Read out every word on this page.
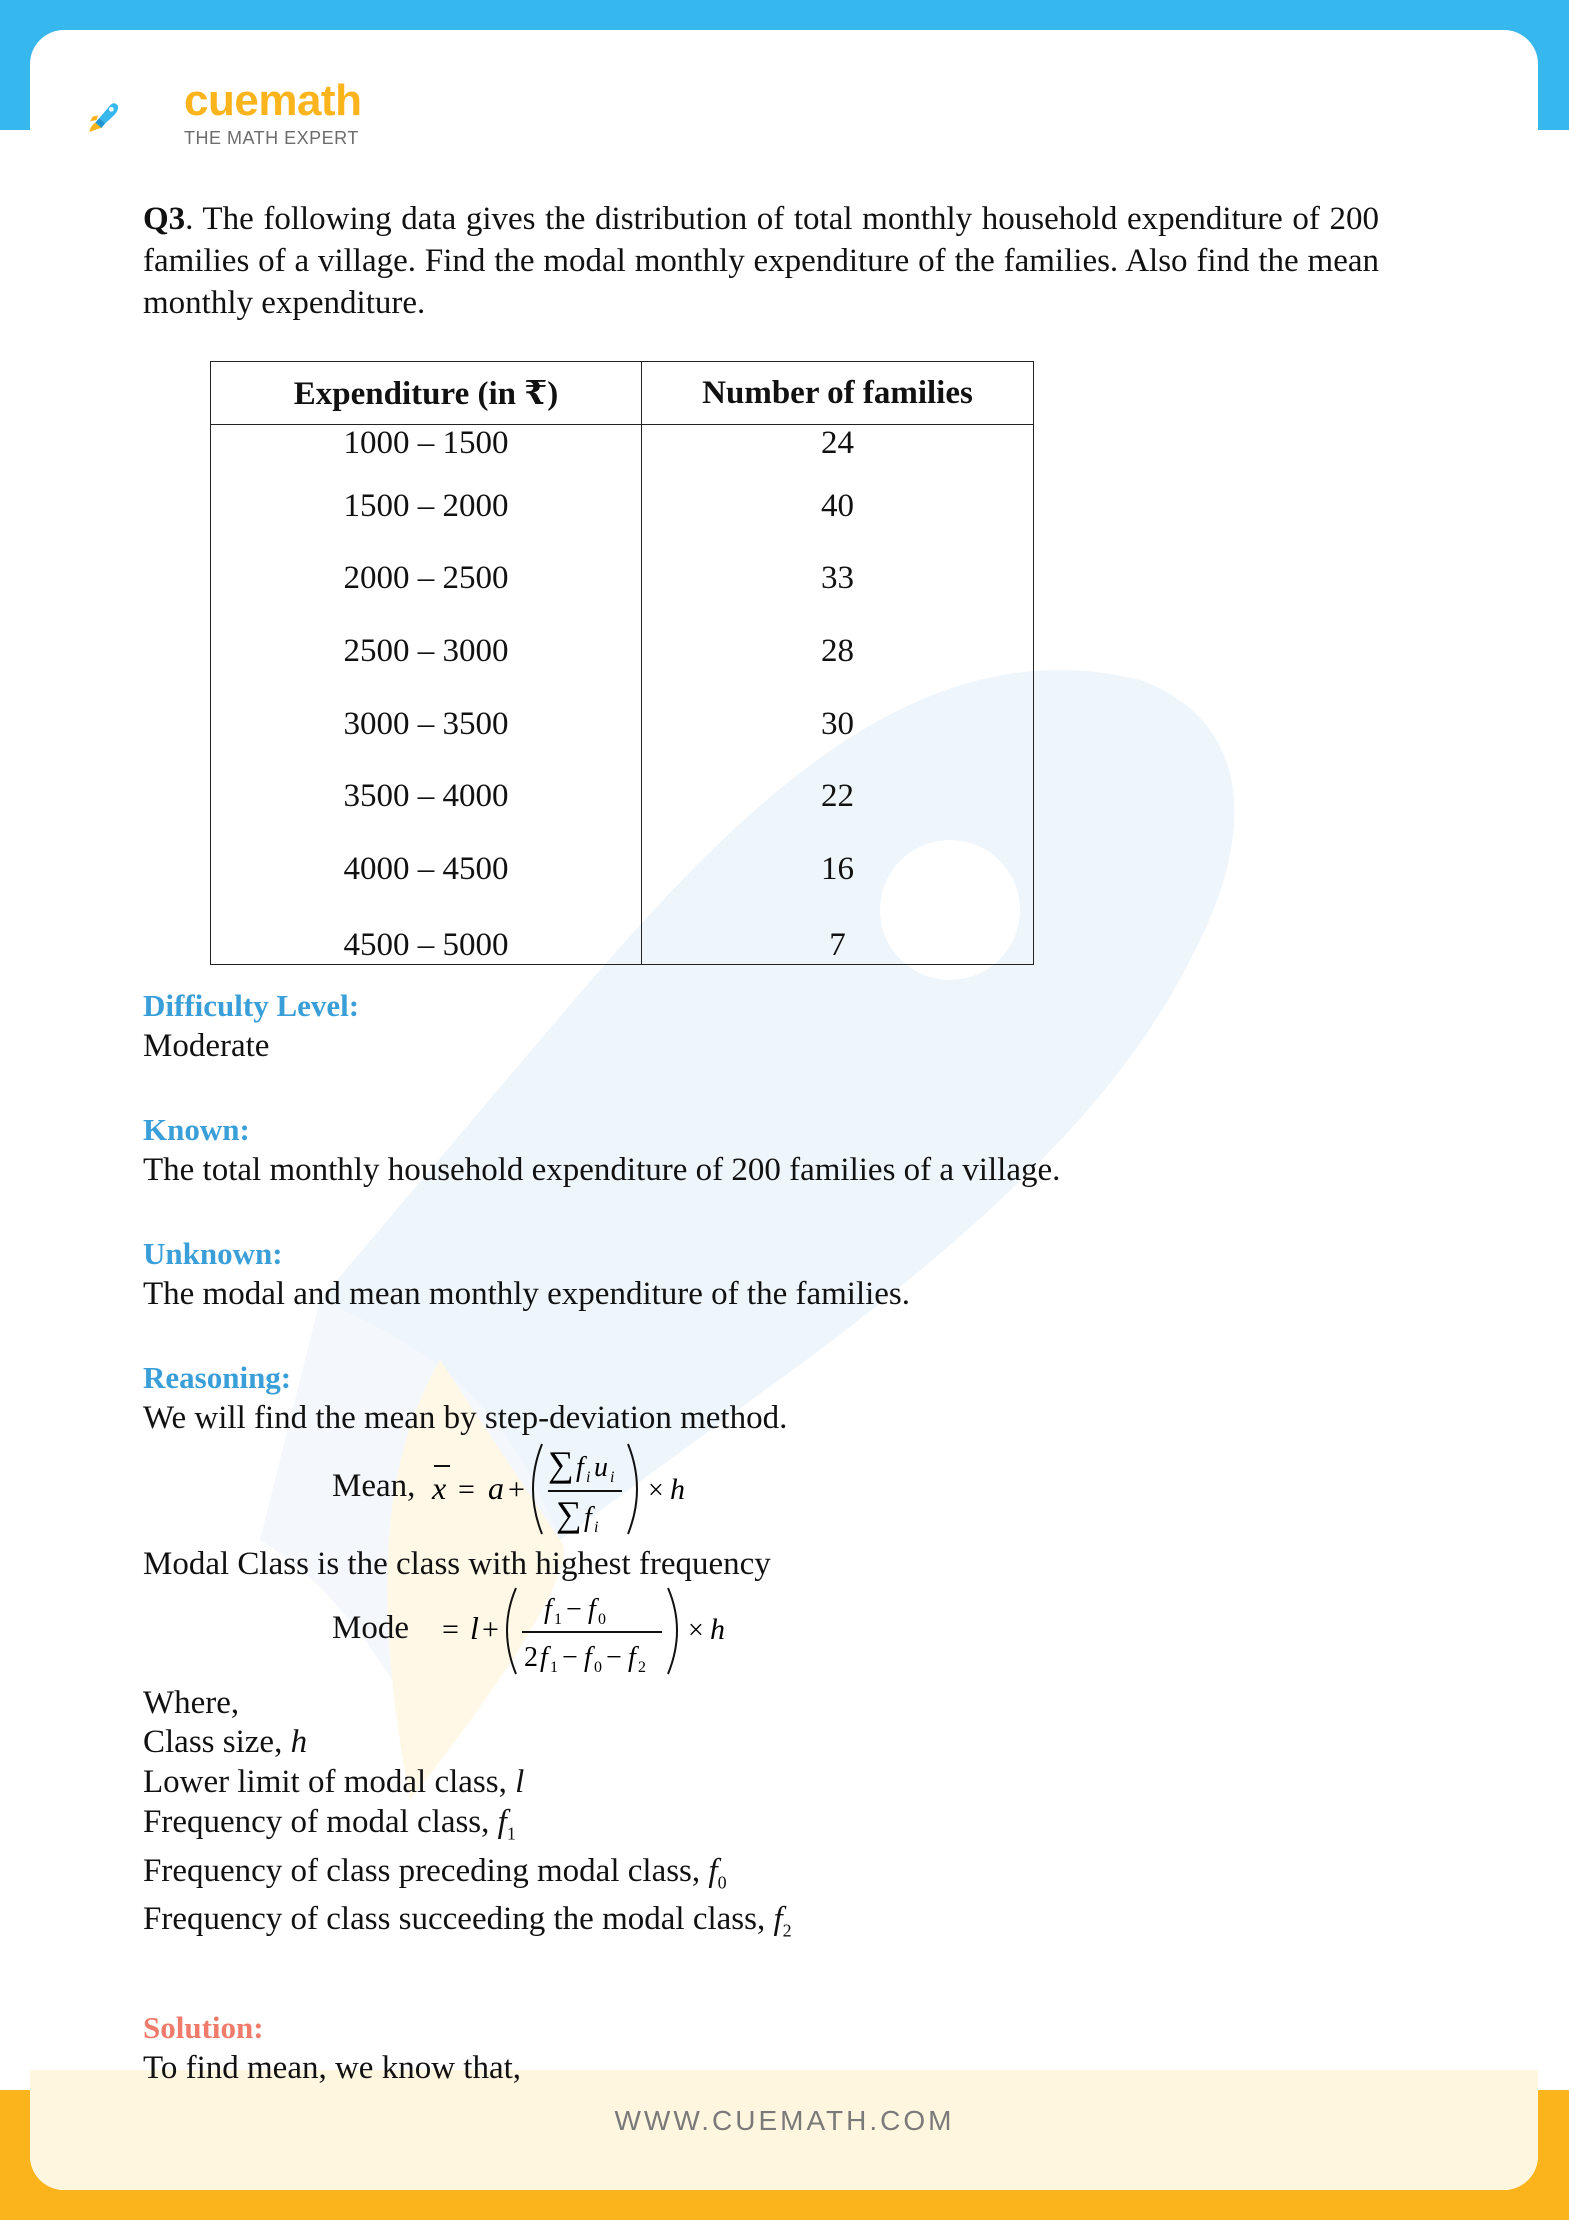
cuemath
THE MATH EXPERT
Q3. The following data gives the distribution of total monthly household expenditure of 200 families of a village. Find the modal monthly expenditure of the families. Also find the mean monthly expenditure.
Expenditure (in ₹)	Number of families
1000 – 1500	24
1500 – 2000	40
2000 – 2500	33
2500 – 3000	28
3000 – 3500	30
3500 – 4000	22
4000 – 4500	16
4500 – 5000	7
Difficulty Level:
Moderate
Known:
The total monthly household expenditure of 200 families of a village.
Unknown:
The modal and mean monthly expenditure of the families.
Reasoning:
We will find the mean by step-deviation method.
Mean, x = a +
∑ f i u i
∑ f i
× h
Modal Class is the class with highest frequency
Mode = l +
f 1 − f 0
2 f 1 − f 0 − f 2
× h
Where,
Class size, h
Lower limit of modal class, l
Frequency of modal class, $f_1$
Frequency of class preceding modal class, $f_0$
Frequency of class succeeding the modal class, $f_2$
Solution:
To find mean, we know that,
WWW.CUEMATH.COM
